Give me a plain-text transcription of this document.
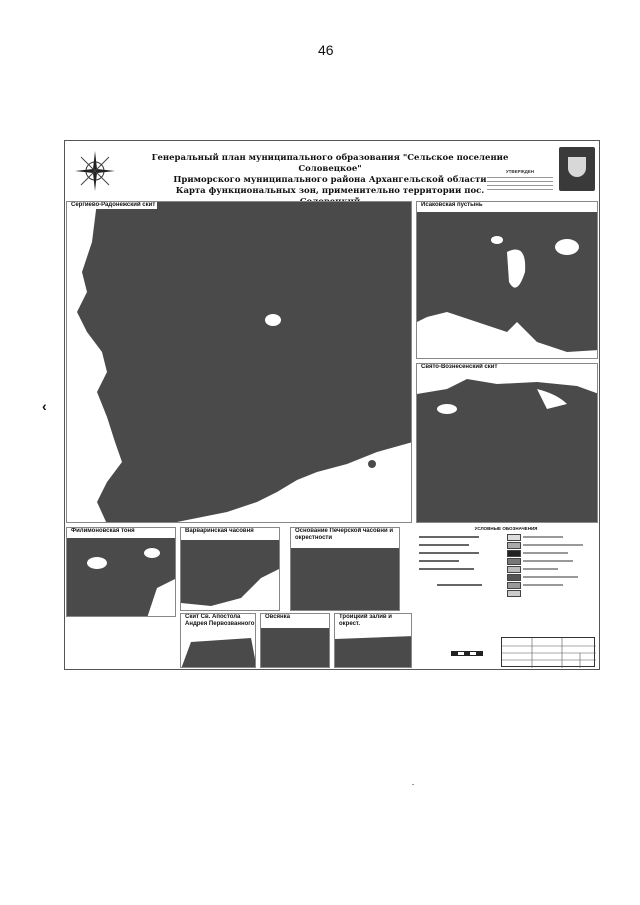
46
‹
Генеральный план муниципального образования "Сельское поселение Соловецкое"
Приморского муниципального района Архангельской области
Карта функциональных зон, применительно территории пос.
УТВЕРЖДЕН
Сергиево-Радонежский скит	Исаковская пустынь
Свято-Вознесенский скит
Филимоновская тоня	Варваринская часовня	Основание Печерской часовни и окрестности
Скит Св. Апостола Андрея Первозванного
Овсянка	Троицкий залив и окрест.
УСЛОВНЫЕ ОБОЗНАЧЕНИЯ
